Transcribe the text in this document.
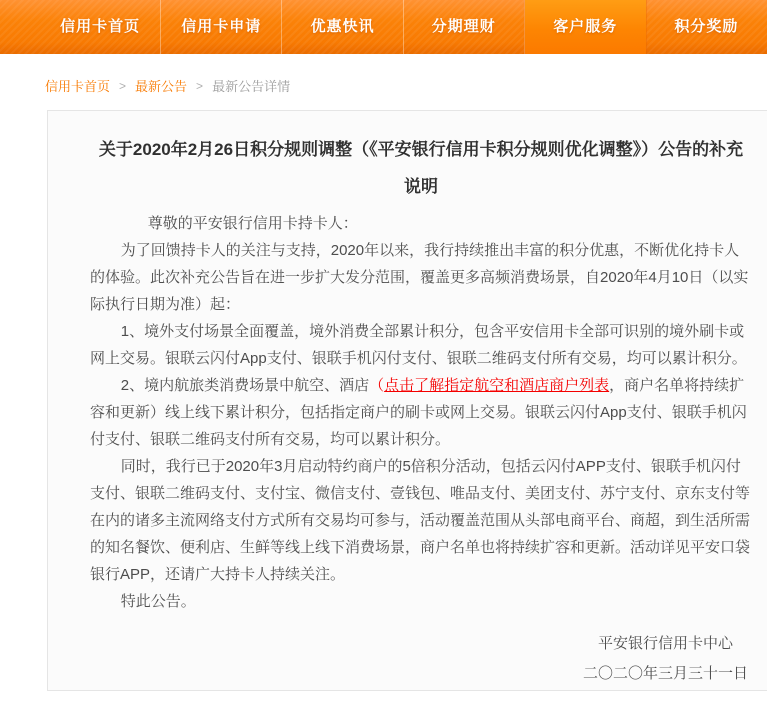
信用卡首页	信用卡申请	优惠快讯	分期理财	客户服务	积分奖励
信用卡首页 > 最新公告 > 最新公告详情
关于2020年2月26日积分规则调整（《平安银行信用卡积分规则优化调整》）公告的补充说明

尊敬的平安银行信用卡持卡人：

为了回馈持卡人的关注与支持，2020年以来，我行持续推出丰富的积分优惠，不断优化持卡人的体验。此次补充公告旨在进一步扩大发分范围，覆盖更多高频消费场景，自2020年4月10日（以实际执行日期为准）起：

1、境外支付场景全面覆盖，境外消费全部累计积分，包含平安信用卡全部可识别的境外刷卡或网上交易。银联云闪付App支付、银联手机闪付支付、银联二维码支付所有交易，均可以累计积分。

2、境内航旅类消费场景中航空、酒店（点击了解指定航空和酒店商户列表，商户名单将持续扩容和更新）线上线下累计积分，包括指定商户的刷卡或网上交易。银联云闪付App支付、银联手机闪付支付、银联二维码支付所有交易，均可以累计积分。

同时，我行已于2020年3月启动特约商户的5倍积分活动，包括云闪付APP支付、银联手机闪付支付、银联二维码支付、支付宝、微信支付、壹钱包、唯品支付、美团支付、苏宁支付、京东支付等在内的诸多主流网络支付方式所有交易均可参与，活动覆盖范围从头部电商平台、商超，到生活所需的知名餐饮、便利店、生鲜等线上线下消费场景，商户名单也将持续扩容和更新。活动详见平安口袋银行APP，还请广大持卡人持续关注。

特此公告。

平安银行信用卡中心
二〇二〇年三月三十一日
